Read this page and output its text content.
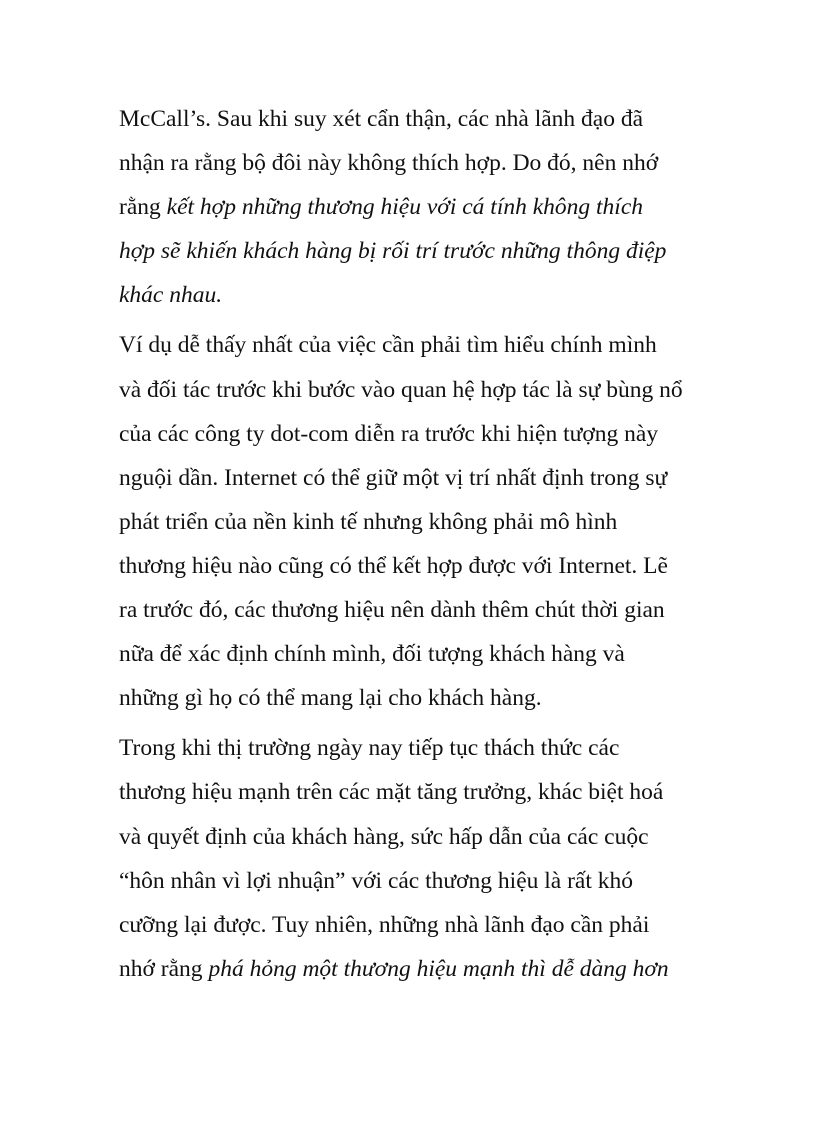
McCall’s. Sau khi suy xét cẩn thận, các nhà lãnh đạo đã
nhận ra rằng bộ đôi này không thích hợp. Do đó, nên nhớ
rằng kết hợp những thương hiệu với cá tính không thích
hợp sẽ khiến khách hàng bị rối trí trước những thông điệp
khác nhau.

Ví dụ dễ thấy nhất của việc cần phải tìm hiểu chính mình
và đối tác trước khi bước vào quan hệ hợp tác là sự bùng nổ
của các công ty dot-com diễn ra trước khi hiện tượng này
nguội dần. Internet có thể giữ một vị trí nhất định trong sự
phát triển của nền kinh tế nhưng không phải mô hình
thương hiệu nào cũng có thể kết hợp được với Internet. Lẽ
ra trước đó, các thương hiệu nên dành thêm chút thời gian
nữa để xác định chính mình, đối tượng khách hàng và
những gì họ có thể mang lại cho khách hàng.

Trong khi thị trường ngày nay tiếp tục thách thức các
thương hiệu mạnh trên các mặt tăng trưởng, khác biệt hoá
và quyết định của khách hàng, sức hấp dẫn của các cuộc
“hôn nhân vì lợi nhuận” với các thương hiệu là rất khó
cưỡng lại được. Tuy nhiên, những nhà lãnh đạo cần phải
nhớ rằng phá hỏng một thương hiệu mạnh thì dễ dàng hơn
